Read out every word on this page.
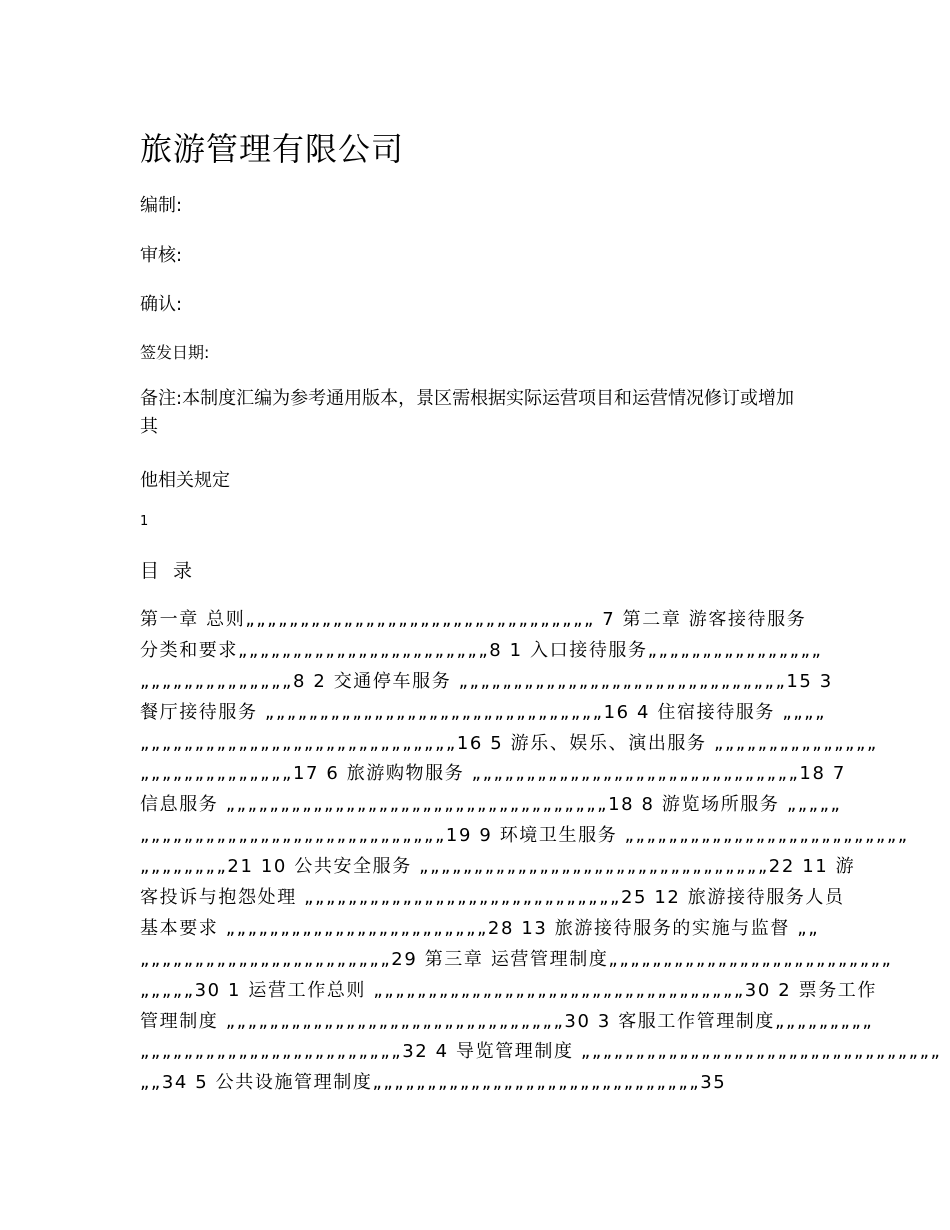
旅游管理有限公司
编制:
审核:
确认:
签发日期:
备注:本制度汇编为参考通用版本，景区需根据实际运营项目和运营情况修订或增加其
他相关规定
1
目 录
第一章 总则„„„„„„„„„„„„„„„„„„„„„„„„„„„„„„„„ 7 第二章 游客接待服务
分类和要求„„„„„„„„„„„„„„„„„„„„„„„8 1 入口接待服务„„„„„„„„„„„„„„„„
„„„„„„„„„„„„„„8 2 交通停车服务 „„„„„„„„„„„„„„„„„„„„„„„„„„„„„„15 3
餐厅接待服务 „„„„„„„„„„„„„„„„„„„„„„„„„„„„„„„16 4 住宿接待服务 „„„„
„„„„„„„„„„„„„„„„„„„„„„„„„„„„„16 5 游乐、娱乐、演出服务 „„„„„„„„„„„„„„„
„„„„„„„„„„„„„„17 6 旅游购物服务 „„„„„„„„„„„„„„„„„„„„„„„„„„„„„„18 7
信息服务 „„„„„„„„„„„„„„„„„„„„„„„„„„„„„„„„„„„18 8 游览场所服务 „„„„„
„„„„„„„„„„„„„„„„„„„„„„„„„„„„19 9 环境卫生服务 „„„„„„„„„„„„„„„„„„„„„„„„„„
„„„„„„„„21 10 公共安全服务 „„„„„„„„„„„„„„„„„„„„„„„„„„„„„„„„22 11 游
客投诉与抱怨处理 „„„„„„„„„„„„„„„„„„„„„„„„„„„„„25 12 旅游接待服务人员
基本要求 „„„„„„„„„„„„„„„„„„„„„„„„28 13 旅游接待服务的实施与监督 „„
„„„„„„„„„„„„„„„„„„„„„„„29 第三章 运营管理制度„„„„„„„„„„„„„„„„„„„„„„„„„„
„„„„„30 1 运营工作总则 „„„„„„„„„„„„„„„„„„„„„„„„„„„„„„„„„„30 2 票务工作
管理制度 „„„„„„„„„„„„„„„„„„„„„„„„„„„„„„„30 3 客服工作管理制度„„„„„„„„„
„„„„„„„„„„„„„„„„„„„„„„„„32 4 导览管理制度 „„„„„„„„„„„„„„„„„„„„„„„„„„„„„„„„„
„„34 5 公共设施管理制度„„„„„„„„„„„„„„„„„„„„„„„„„„„„„„35
